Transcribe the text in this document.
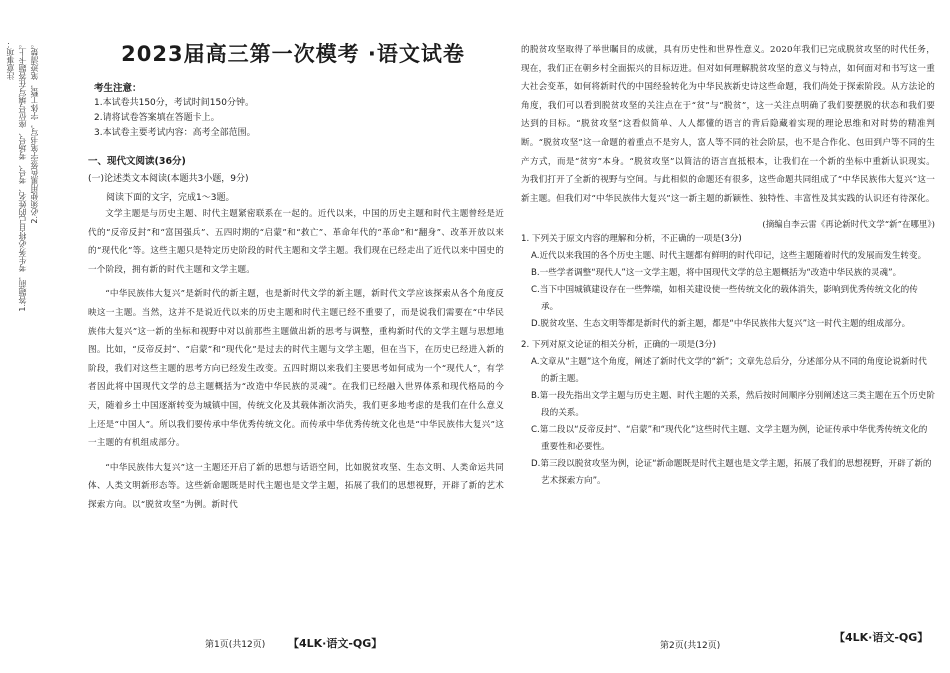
注意事项： 1.答题前，考生务必将自己的姓名、考号、考场号、座位号填写在答题卡上。 2.必须使用黑色签字笔书写，字体工整，笔迹清楚。	2023届高三第一次模考 ·语文试卷
考生注意：
1.本试卷共150分，考试时间150分钟。
2.请将试卷答案填在答题卡上。
3.本试卷主要考试内容：高考全部范围。
一、现代文阅读(36分)
(一)论述类文本阅读(本题共3小题，9分)
阅读下面的文字，完成1～3题。

文学主题是与历史主题、时代主题紧密联系在一起的。近代以来，中国的历史主题和时代主题曾经是近代的“反帝反封”和“富国强兵”、五四时期的“启蒙”和“救亡”、革命年代的“革命”和“翻身”、改革开放以来的“现代化”等。这些主题只是特定历史阶段的时代主题和文学主题。我们现在已经走出了近代以来中国史的一个阶段，拥有新的时代主题和文学主题。

“中华民族伟大复兴”是新时代的新主题，也是新时代文学的新主题，新时代文学应该探索从各个角度反映这一主题。当然，这并不是说近代以来的历史主题和时代主题已经不重要了，而是说我们需要在“中华民族伟大复兴”这一新的坐标和视野中对以前那些主题做出新的思考与调整，重构新时代的文学主题与思想地图。比如，“反帝反封”、“启蒙”和“现代化”是过去的时代主题与文学主题，但在当下，在历史已经进入新的阶段，我们对这些主题的思考方向已经发生改变。五四时期以来我们主要思考如何成为一个“现代人”，有学者因此将中国现代文学的总主题概括为“改造中华民族的灵魂”。在我们已经融入世界体系和现代格局的今天，随着乡土中国逐渐转变为城镇中国，传统文化及其载体渐次消失，我们更多地考虑的是我们在什么意义上还是“中国人”。所以我们要传承中华优秀传统文化。而传承中华优秀传统文化也是“中华民族伟大复兴”这一主题的有机组成部分。

“中华民族伟大复兴”这一主题还开启了新的思想与话语空间，比如脱贫攻坚、生态文明、人类命运共同体、人类文明新形态等。这些新命题既是时代主题也是文学主题，拓展了我们的思想视野，开辟了新的艺术探索方向。以“脱贫攻坚”为例。新时代

的脱贫攻坚取得了举世瞩目的成就，具有历史性和世界性意义。2020年我们已完成脱贫攻坚的时代任务，现在，我们正在朝乡村全面振兴的目标迈进。但对如何理解脱贫攻坚的意义与特点，如何面对和书写这一重大社会变革，如何将新时代的中国经验转化为中华民族新史诗这些命题，我们尚处于探索阶段。从方法论的角度，我们可以看到脱贫攻坚的关注点在于“贫”与“脱贫”，这一关注点明确了我们要摆脱的状态和我们要达到的目标。“脱贫攻坚”这看似简单、人人都懂的语言的背后隐藏着实现的理论思维和对时势的精准判断。“脱贫攻坚”这一命题的着重点不是穷人，富人等不同的社会阶层，也不是合作化、包田到户等不同的生产方式，而是“贫穷”本身。“脱贫攻坚”以简洁的语言直抵根本，让我们在一个新的坐标中重新认识现实。为我们打开了全新的视野与空间。与此相似的命题还有很多，这些命题共同组成了“中华民族伟大复兴”这一新主题。但我们对“中华民族伟大复兴”这一新主题的新颖性、独特性、丰富性及其实践的认识还有待深化。

(摘编自李云雷《再论新时代文学“新”在哪里》)
1. 下列关于原文内容的理解和分析，不正确的一项是(3分)
A.近代以来我国的各个历史主题、时代主题都有鲜明的时代印记，这些主题随着时代的发展而发生转变。
B.一些学者调整“现代人”这一文学主题，将中国现代文学的总主题概括为“改造中华民族的灵魂”。
C.当下中国城镇建设存在一些弊端，如相关建设使一些传统文化的载体消失，影响到优秀传统文化的传承。
D.脱贫攻坚、生态文明等都是新时代的新主题，都是“中华民族伟大复兴”这一时代主题的组成部分。
2. 下列对原文论证的相关分析，正确的一项是(3分)
A.文章从“主题”这个角度，阐述了新时代文学的“新”；文章先总后分，分述部分从不同的角度论说新时代的新主题。
B.第一段先指出文学主题与历史主题、时代主题的关系，然后按时间顺序分别阐述这三类主题在五个历史阶段的关系。
C.第二段以“反帝反封”、“启蒙”和“现代化”这些时代主题、文学主题为例，论证传承中华优秀传统文化的重要性和必要性。
D.第三段以脱贫攻坚为例，论证“新命题既是时代主题也是文学主题，拓展了我们的思想视野，开辟了新的艺术探索方向”。
第1页(共12页) 【4LK·语文-QG】	第2页(共12页)
【4LK·语文-QG】
